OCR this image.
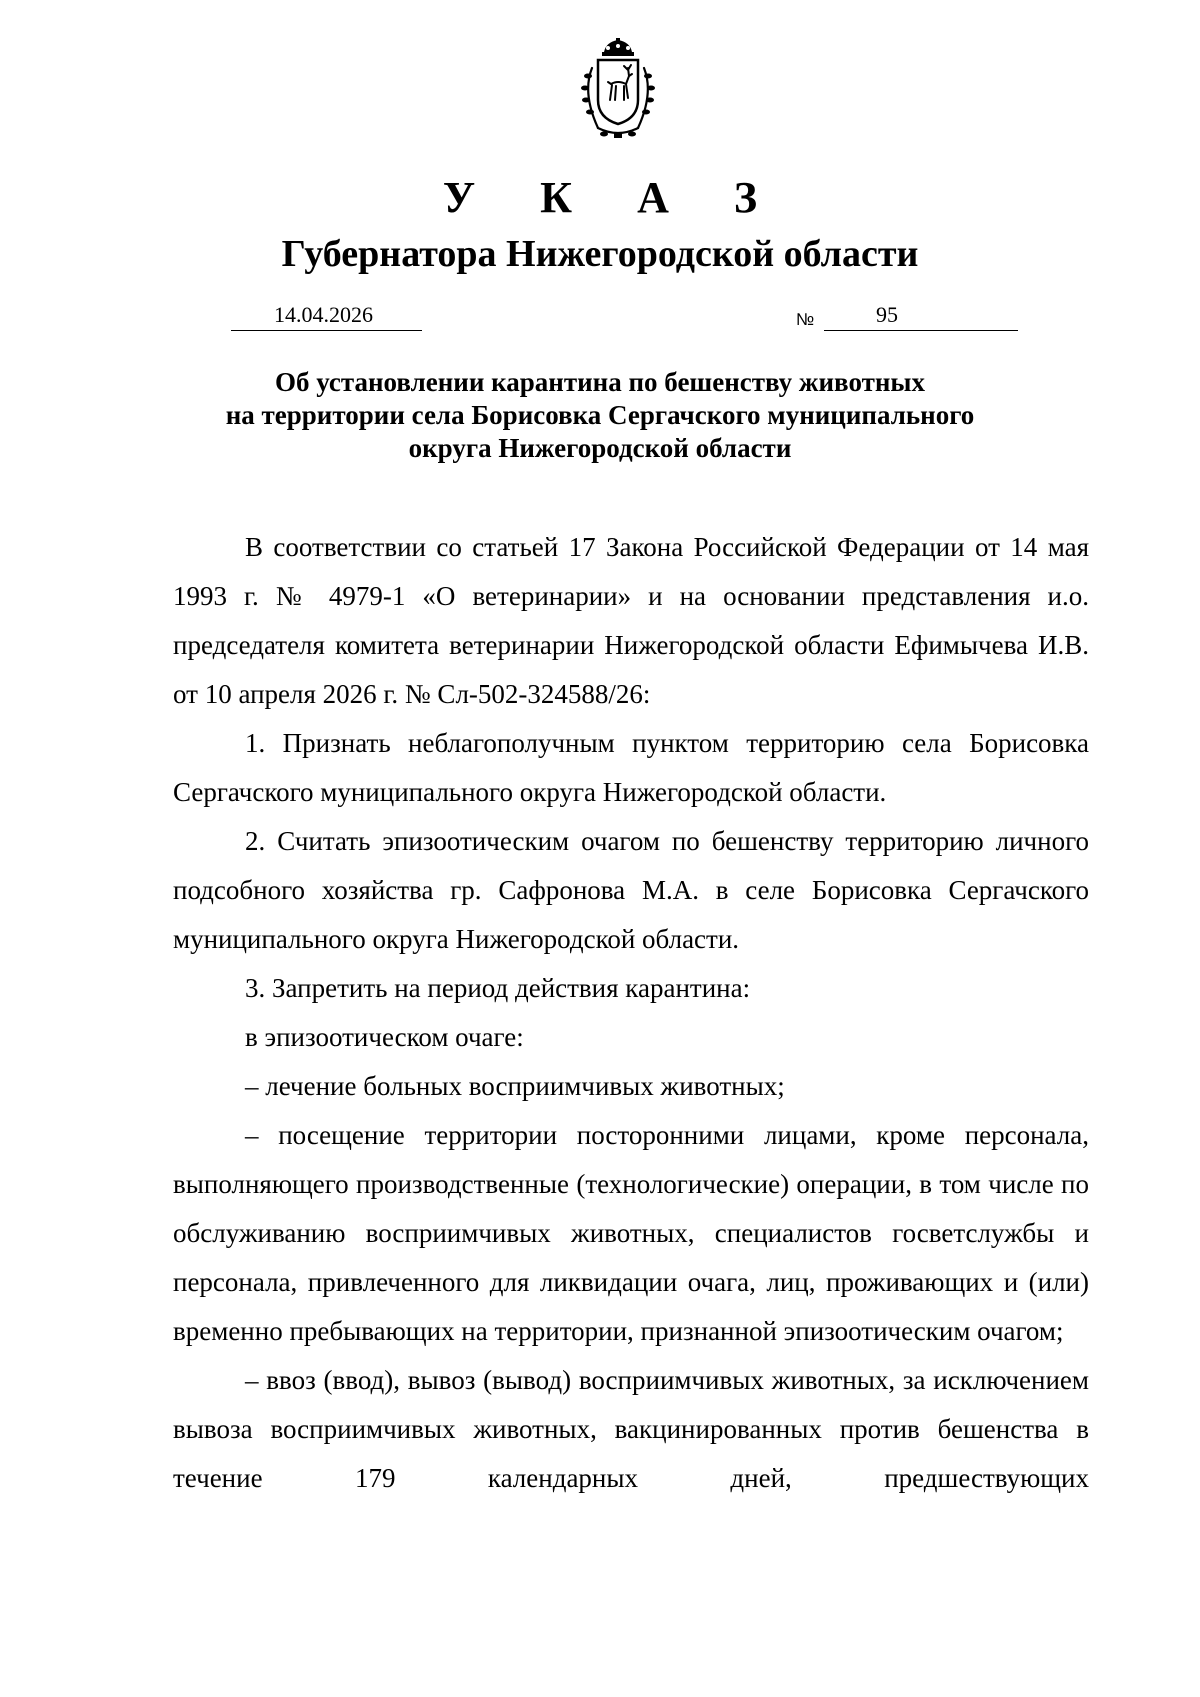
У К А З
Губернатора Нижегородской области
14.04.2026	№	95
Об установлении карантина по бешенству животных
на территории села Борисовка Сергачского муниципального
округа Нижегородской области

В соответствии со статьей 17 Закона Российской Федерации от 14 мая 1993 г. № 4979-1 «О ветеринарии» и на основании представления и.о. председателя комитета ветеринарии Нижегородской области Ефимычева И.В. от 10 апреля 2026 г. № Сл-502-324588/26:

1. Признать неблагополучным пунктом территорию села Борисовка Сергачского муниципального округа Нижегородской области.

2. Считать эпизоотическим очагом по бешенству территорию личного подсобного хозяйства гр. Сафронова М.А. в селе Борисовка Сергачского муниципального округа Нижегородской области.

3. Запретить на период действия карантина:

в эпизоотическом очаге:

– лечение больных восприимчивых животных;

– посещение территории посторонними лицами, кроме персонала, выполняющего производственные (технологические) операции, в том числе по обслуживанию восприимчивых животных, специалистов госветслужбы и персонала, привлеченного для ликвидации очага, лиц, проживающих и (или) временно пребывающих на территории, признанной эпизоотическим очагом;

– ввоз (ввод), вывоз (вывод) восприимчивых животных, за исключением вывоза восприимчивых животных, вакцинированных против бешенства в течение 179 календарных дней, предшествующих
